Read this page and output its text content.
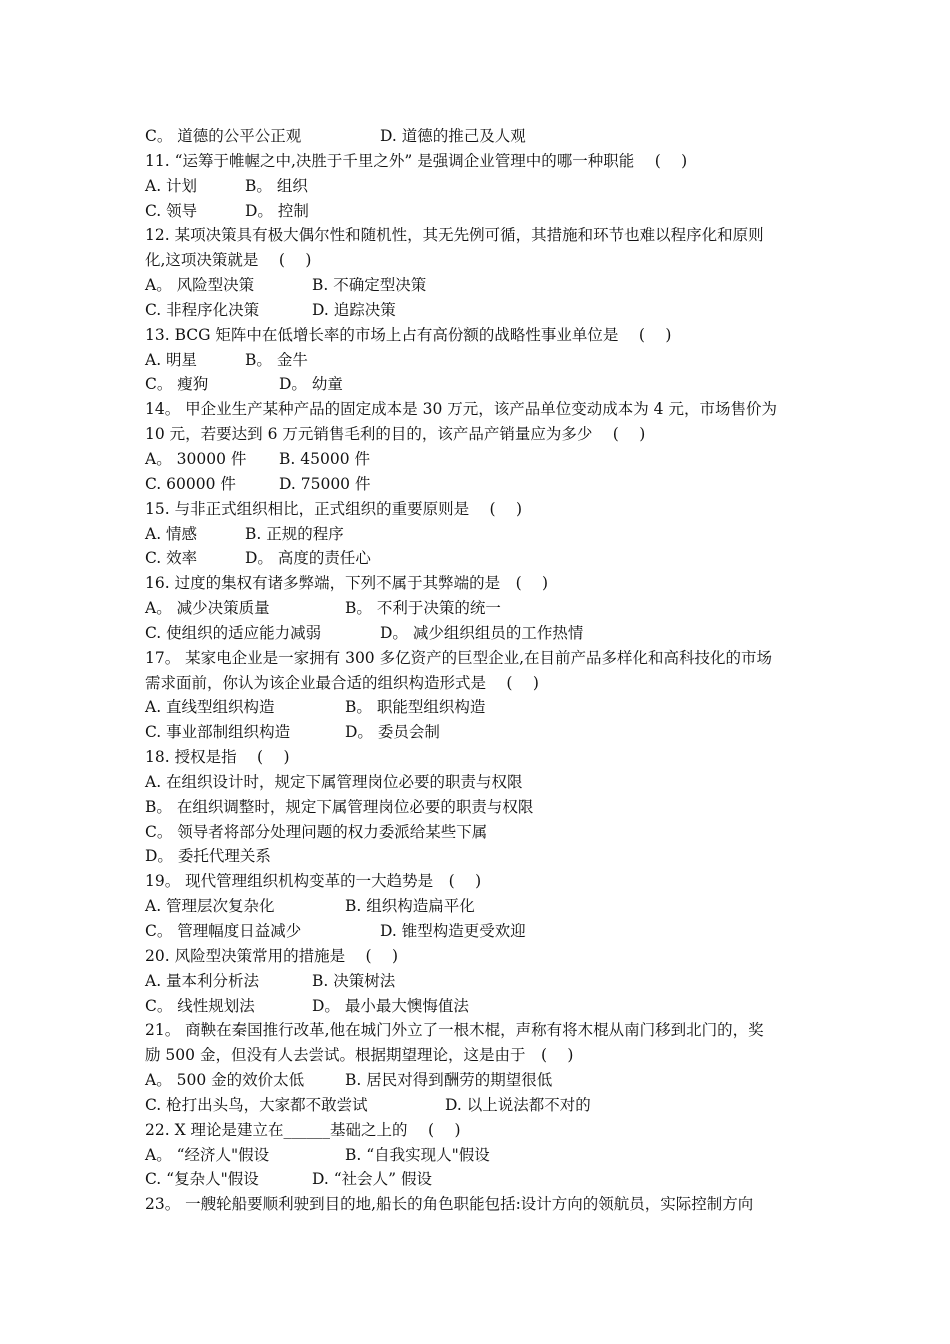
C。 道德的公平公正观	D. 道德的推己及人观
11. “运筹于帷幄之中,决胜于千里之外” 是强调企业管理中的哪一种职能　 (　 )
A. 计划	B。 组织
C. 领导	D。 控制
12. 某项决策具有极大偶尔性和随机性，其无先例可循，其措施和环节也难以程序化和原则
化,这项决策就是　 (　 )
A。 风险型决策	B. 不确定型决策
C. 非程序化决策	D. 追踪决策
13. BCG 矩阵中在低增长率的市场上占有高份额的战略性事业单位是　 (　 )
A. 明星	B。 金牛
C。 瘦狗	D。 幼童
14。 甲企业生产某种产品的固定成本是 30 万元，该产品单位变动成本为 4 元，市场售价为
10 元，若要达到 6 万元销售毛利的目的，该产品产销量应为多少　 (　 )
A。 30000 件 B. 45000 件
C. 60000 件	D. 75000 件
15. 与非正式组织相比，正式组织的重要原则是　 (　 )
A. 情感	B. 正规的程序
C. 效率	D。 高度的责任心
16. 过度的集权有诸多弊端，下列不属于其弊端的是　(　 )
A。 减少决策质量	B。 不利于决策的统一
C. 使组织的适应能力减弱	D。 减少组织组员的工作热情
17。 某家电企业是一家拥有 300 多亿资产的巨型企业,在目前产品多样化和高科技化的市场
需求面前，你认为该企业最合适的组织构造形式是　 (　 )
A. 直线型组织构造	B。 职能型组织构造
C. 事业部制组织构造	D。 委员会制
18. 授权是指　 (　 )
A. 在组织设计时，规定下属管理岗位必要的职责与权限
B。 在组织调整时，规定下属管理岗位必要的职责与权限
C。 领导者将部分处理问题的权力委派给某些下属
D。 委托代理关系
19。 现代管理组织机构变革的一大趋势是　(　 )
A. 管理层次复杂化	B. 组织构造扁平化
C。 管理幅度日益减少	D. 锥型构造更受欢迎
20. 风险型决策常用的措施是　 (　 )
A. 量本利分析法	B. 决策树法
C。 线性规划法	D。 最小最大懊悔值法
21。 商鞅在秦国推行改革,他在城门外立了一根木棍，声称有将木棍从南门移到北门的，奖
励 500 金，但没有人去尝试。根据期望理论，这是由于　(　 )
A。 500 金的效价太低	B. 居民对得到酬劳的期望很低
C. 枪打出头鸟，大家都不敢尝试	D. 以上说法都不对的
22. X 理论是建立在______基础之上的　 (　 )
A。 “经济人"假设	B. “自我实现人"假设
C. “复杂人"假设	D. “社会人” 假设
23。 一艘轮船要顺利驶到目的地,船长的角色职能包括:设计方向的领航员，实际控制方向
